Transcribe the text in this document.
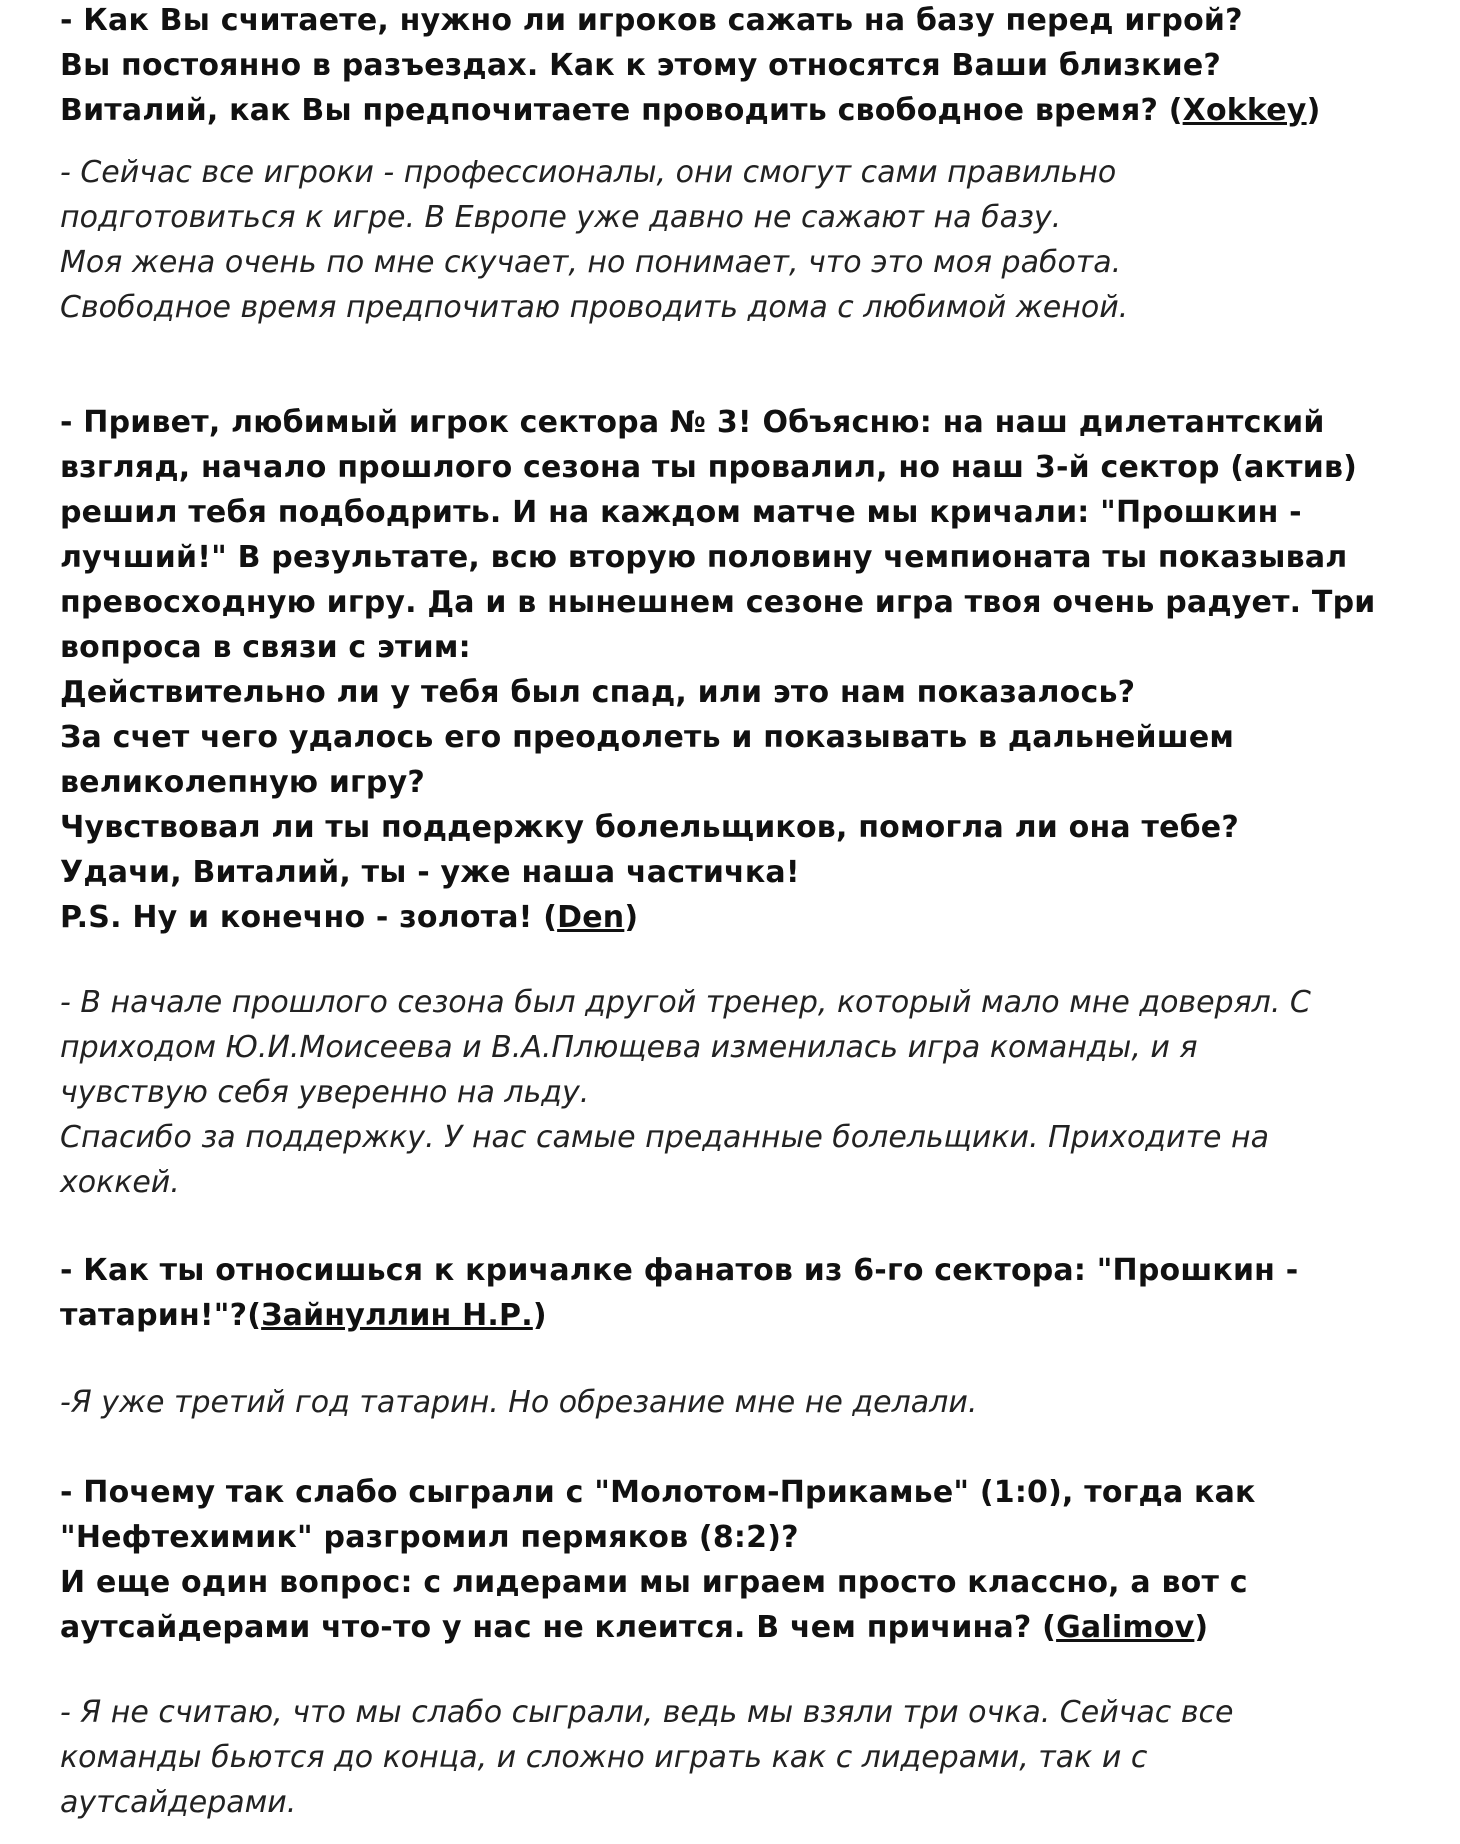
- Как Вы считаете, нужно ли игроков сажать на базу перед игрой?
Вы постоянно в разъездах. Как к этому относятся Ваши близкие?
Виталий, как Вы предпочитаете проводить свободное время? (Xokkey)
- Сейчас все игроки - профессионалы, они смогут сами правильно
подготовиться к игре. В Европе уже давно не сажают на базу.
Моя жена очень по мне скучает, но понимает, что это моя работа.
Свободное время предпочитаю проводить дома с любимой женой.
- Привет, любимый игрок сектора № 3! Объясню: на наш дилетантский
взгляд, начало прошлого сезона ты провалил, но наш 3-й сектор (актив)
решил тебя подбодрить. И на каждом матче мы кричали: "Прошкин -
лучший!" В результате, всю вторую половину чемпионата ты показывал
превосходную игру. Да и в нынешнем сезоне игра твоя очень радует. Три
вопроса в связи с этим:
Действительно ли у тебя был спад, или это нам показалось?
За счет чего удалось его преодолеть и показывать в дальнейшем
великолепную игру?
Чувствовал ли ты поддержку болельщиков, помогла ли она тебе?
Удачи, Виталий, ты - уже наша частичка!
P.S. Ну и конечно - золота! (Den)
- В начале прошлого сезона был другой тренер, который мало мне доверял. С
приходом Ю.И.Моисеева и В.А.Плющева изменилась игра команды, и я
чувствую себя уверенно на льду.
Спасибо за поддержку. У нас самые преданные болельщики. Приходите на
хоккей.
- Как ты относишься к кричалке фанатов из 6-го сектора: "Прошкин -
татарин!"?(Зайнуллин Н.Р.)
-Я уже третий год татарин. Но обрезание мне не делали.
- Почему так слабо сыграли с "Молотом-Прикамье" (1:0), тогда как
"Нефтехимик" разгромил пермяков (8:2)?
И еще один вопрос: с лидерами мы играем просто классно, а вот с
аутсайдерами что-то у нас не клеится. В чем причина? (Galimov)
- Я не считаю, что мы слабо сыграли, ведь мы взяли три очка. Сейчас все
команды бьются до конца, и сложно играть как с лидерами, так и с
аутсайдерами.
